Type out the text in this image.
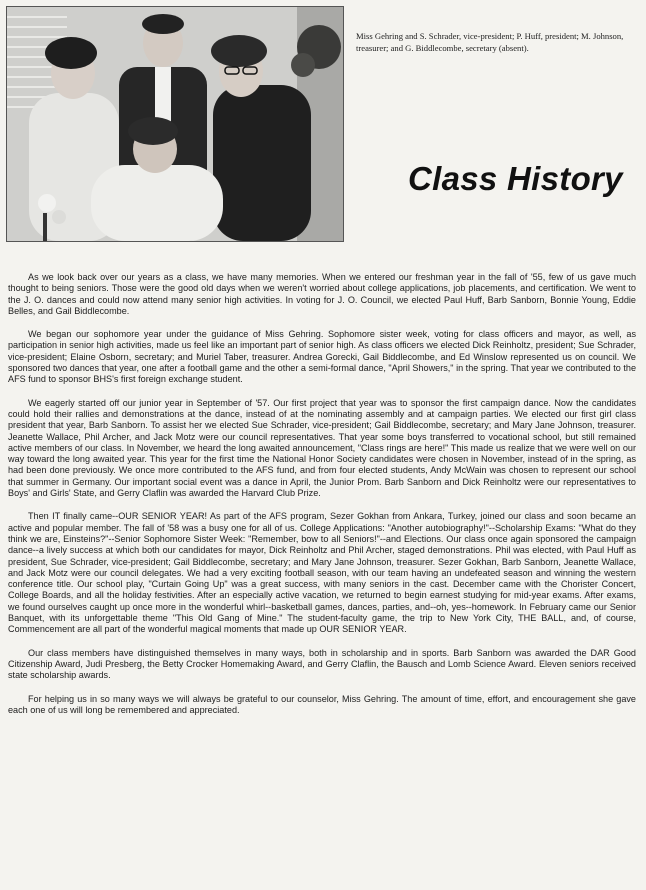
Miss Gehring and S. Schrader, vice-president; P. Huff, president; M. Johnson, treasurer; and G. Biddlecombe, secretary (absent).
Class History

As we look back over our years as a class, we have many memories. When we entered our freshman year in the fall of '55, few of us gave much thought to being seniors. Those were the good old days when we weren't worried about college applications, job placements, and certification. We went to the J. O. dances and could now attend many senior high activities. In voting for J. O. Council, we elected Paul Huff, Barb Sanborn, Bonnie Young, Eddie Belles, and Gail Biddlecombe.

We began our sophomore year under the guidance of Miss Gehring. Sophomore sister week, voting for class officers and mayor, as well, as participation in senior high activities, made us feel like an important part of senior high. As class officers we elected Dick Reinholtz, president; Sue Schrader, vice-president; Elaine Osborn, secretary; and Muriel Taber, treasurer. Andrea Gorecki, Gail Biddlecombe, and Ed Winslow represented us on council. We sponsored two dances that year, one after a football game and the other a semi-formal dance, "April Showers," in the spring. That year we contributed to the AFS fund to sponsor BHS's first foreign exchange student.

We eagerly started off our junior year in September of '57. Our first project that year was to sponsor the first campaign dance. Now the candidates could hold their rallies and demonstrations at the dance, instead of at the nominating assembly and at campaign parties. We elected our first girl class president that year, Barb Sanborn. To assist her we elected Sue Schrader, vice-president; Gail Biddlecombe, secretary; and Mary Jane Johnson, treasurer. Jeanette Wallace, Phil Archer, and Jack Motz were our council representatives. That year some boys transferred to vocational school, but still remained active members of our class. In November, we heard the long awaited announcement, "Class rings are here!" This made us realize that we were well on our way toward the long awaited year. This year for the first time the National Honor Society candidates were chosen in November, instead of in the spring, as had been done previously. We once more contributed to the AFS fund, and from four elected students, Andy McWain was chosen to represent our school that summer in Germany. Our important social event was a dance in April, the Junior Prom. Barb Sanborn and Dick Reinholtz were our representatives to Boys' and Girls' State, and Gerry Claflin was awarded the Harvard Club Prize.

Then IT finally came--OUR SENIOR YEAR! As part of the AFS program, Sezer Gokhan from Ankara, Turkey, joined our class and soon became an active and popular member. The fall of '58 was a busy one for all of us. College Applications: "Another autobiography!"--Scholarship Exams: "What do they think we are, Einsteins?"--Senior Sophomore Sister Week: "Remember, bow to all Seniors!"--and Elections. Our class once again sponsored the campaign dance--a lively success at which both our candidates for mayor, Dick Reinholtz and Phil Archer, staged demonstrations. Phil was elected, with Paul Huff as president, Sue Schrader, vice-president; Gail Biddlecombe, secretary; and Mary Jane Johnson, treasurer. Sezer Gokhan, Barb Sanborn, Jeanette Wallace, and Jack Motz were our council delegates. We had a very exciting football season, with our team having an undefeated season and winning the western conference title. Our school play, "Curtain Going Up" was a great success, with many seniors in the cast. December came with the Chorister Concert, College Boards, and all the holiday festivities. After an especially active vacation, we returned to begin earnest studying for mid-year exams. After exams, we found ourselves caught up once more in the wonderful whirl--basketball games, dances, parties, and--oh, yes--homework. In February came our Senior Banquet, with its unforgettable theme "This Old Gang of Mine." The student-faculty game, the trip to New York City, THE BALL, and, of course, Commencement are all part of the wonderful magical moments that made up OUR SENIOR YEAR.

Our class members have distinguished themselves in many ways, both in scholarship and in sports. Barb Sanborn was awarded the DAR Good Citizenship Award, Judi Presberg, the Betty Crocker Homemaking Award, and Gerry Claflin, the Bausch and Lomb Science Award. Eleven seniors received state scholarship awards.

For helping us in so many ways we will always be grateful to our counselor, Miss Gehring. The amount of time, effort, and encouragement she gave each one of us will long be remembered and appreciated.
